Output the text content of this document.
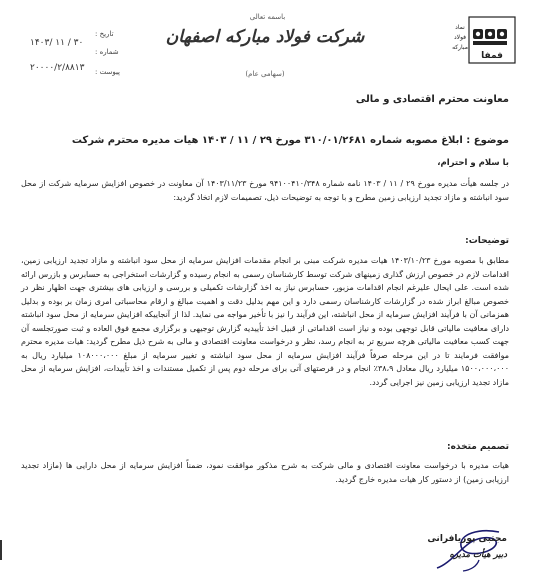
باسمه تعالی
شرکت فولاد مبارکه اصفهان
(سهامی عام)
فمفا
نماد
فولاد
مبارکه
تاریخ :
۱۴۰۳/ ۱۱ / ۳۰
شماره :
۲۰۰۰۰/۲/۸۸۱۳ پیوست :
معاونت محترم اقتصادی و مالی
موضوع : ابلاغ مصوبه شماره ۳۱۰/۰۱/۲۶۸۱ مورخ ۲۹ / ۱۱ / ۱۴۰۳ هیات مدیره محترم شرکت
با سلام و احترام،
در جلسه هیأت مدیره مورخ ۲۹ / ۱۱ / ۱۴۰۳ نامه شماره ۹۴۱۰۰۴۱۰/۳۴۸ مورخ ۱۴۰۳/۱۱/۲۳ آن معاونت در خصوص افزایش سرمایه شرکت از محل سود انباشته و مازاد تجدید ارزیابی زمین مطرح و با توجه به توضیحات ذیل، تصمیمات لازم اتخاذ گردید:
توضیحات:
مطابق با مصوبه مورخ ۱۴۰۳/۱۰/۲۳ هیات مدیره شرکت مبنی بر انجام مقدمات افزایش سرمایه از محل سود انباشته و مازاد تجدید ارزیابی زمین، اقدامات لازم در خصوص ارزش گذاری زمینهای شرکت توسط کارشناسان رسمی به انجام رسیده و گزارشات استخراجی به حسابرس و بازرس ارائه شده است. علی ایحال علیرغم انجام اقدامات مزبور، حسابرس نیاز به اخذ گزارشات تکمیلی و بررسی و ارزیابی های بیشتری جهت اظهار نظر در خصوص مبالغ ابراز شده در گزارشات کارشناسان رسمی دارد و این مهم بدلیل دقت و اهمیت مبالغ و ارقام محاسباتی امری زمان بر بوده و بدلیل همزمانی آن با فرآیند افزایش سرمایه از محل انباشته، این فرآیند را نیز با تأخیر مواجه می نماید. لذا از آنجاییکه افزایش سرمایه از محل سود انباشته دارای معافیت مالیاتی قابل توجهی بوده و نیاز است اقداماتی از قبیل اخذ تأییدیه گزارش توجیهی و برگزاری مجمع فوق العاده و ثبت صورتجلسه آن جهت کسب معافیت مالیاتی هرچه سریع تر به انجام رسد، نظر و درخواست معاونت اقتصادی و مالی به شرح ذیل مطرح گردید: هیات مدیره محترم موافقت فرمایند تا در این مرحله صرفاً فرآیند افزایش سرمایه از محل سود انباشته و تغییر سرمایه از مبلغ ۱۰۸۰۰۰،۰۰۰ میلیارد ریال به ۱۵۰۰،۰۰۰،۰۰۰ میلیارد ریال معادل ۳۸،۹٪ انجام و در فرصتهای آتی برای مرحله دوم پس از تکمیل مستندات و اخذ تأییدات، افزایش سرمایه از محل مازاد تجدید ارزیابی زمین نیز اجرایی گردد.
تصمیم متخذه:
هیات مدیره با درخواست معاونت اقتصادی و مالی شرکت به شرح مذکور موافقت نمود، ضمناً افزایش سرمایه از محل دارایی ها (مازاد تجدید ارزیابی زمین) از دستور کار هیات مدیره خارج گردید.
مجتبی پوریافرانی
دبیر هیأت مدیره
